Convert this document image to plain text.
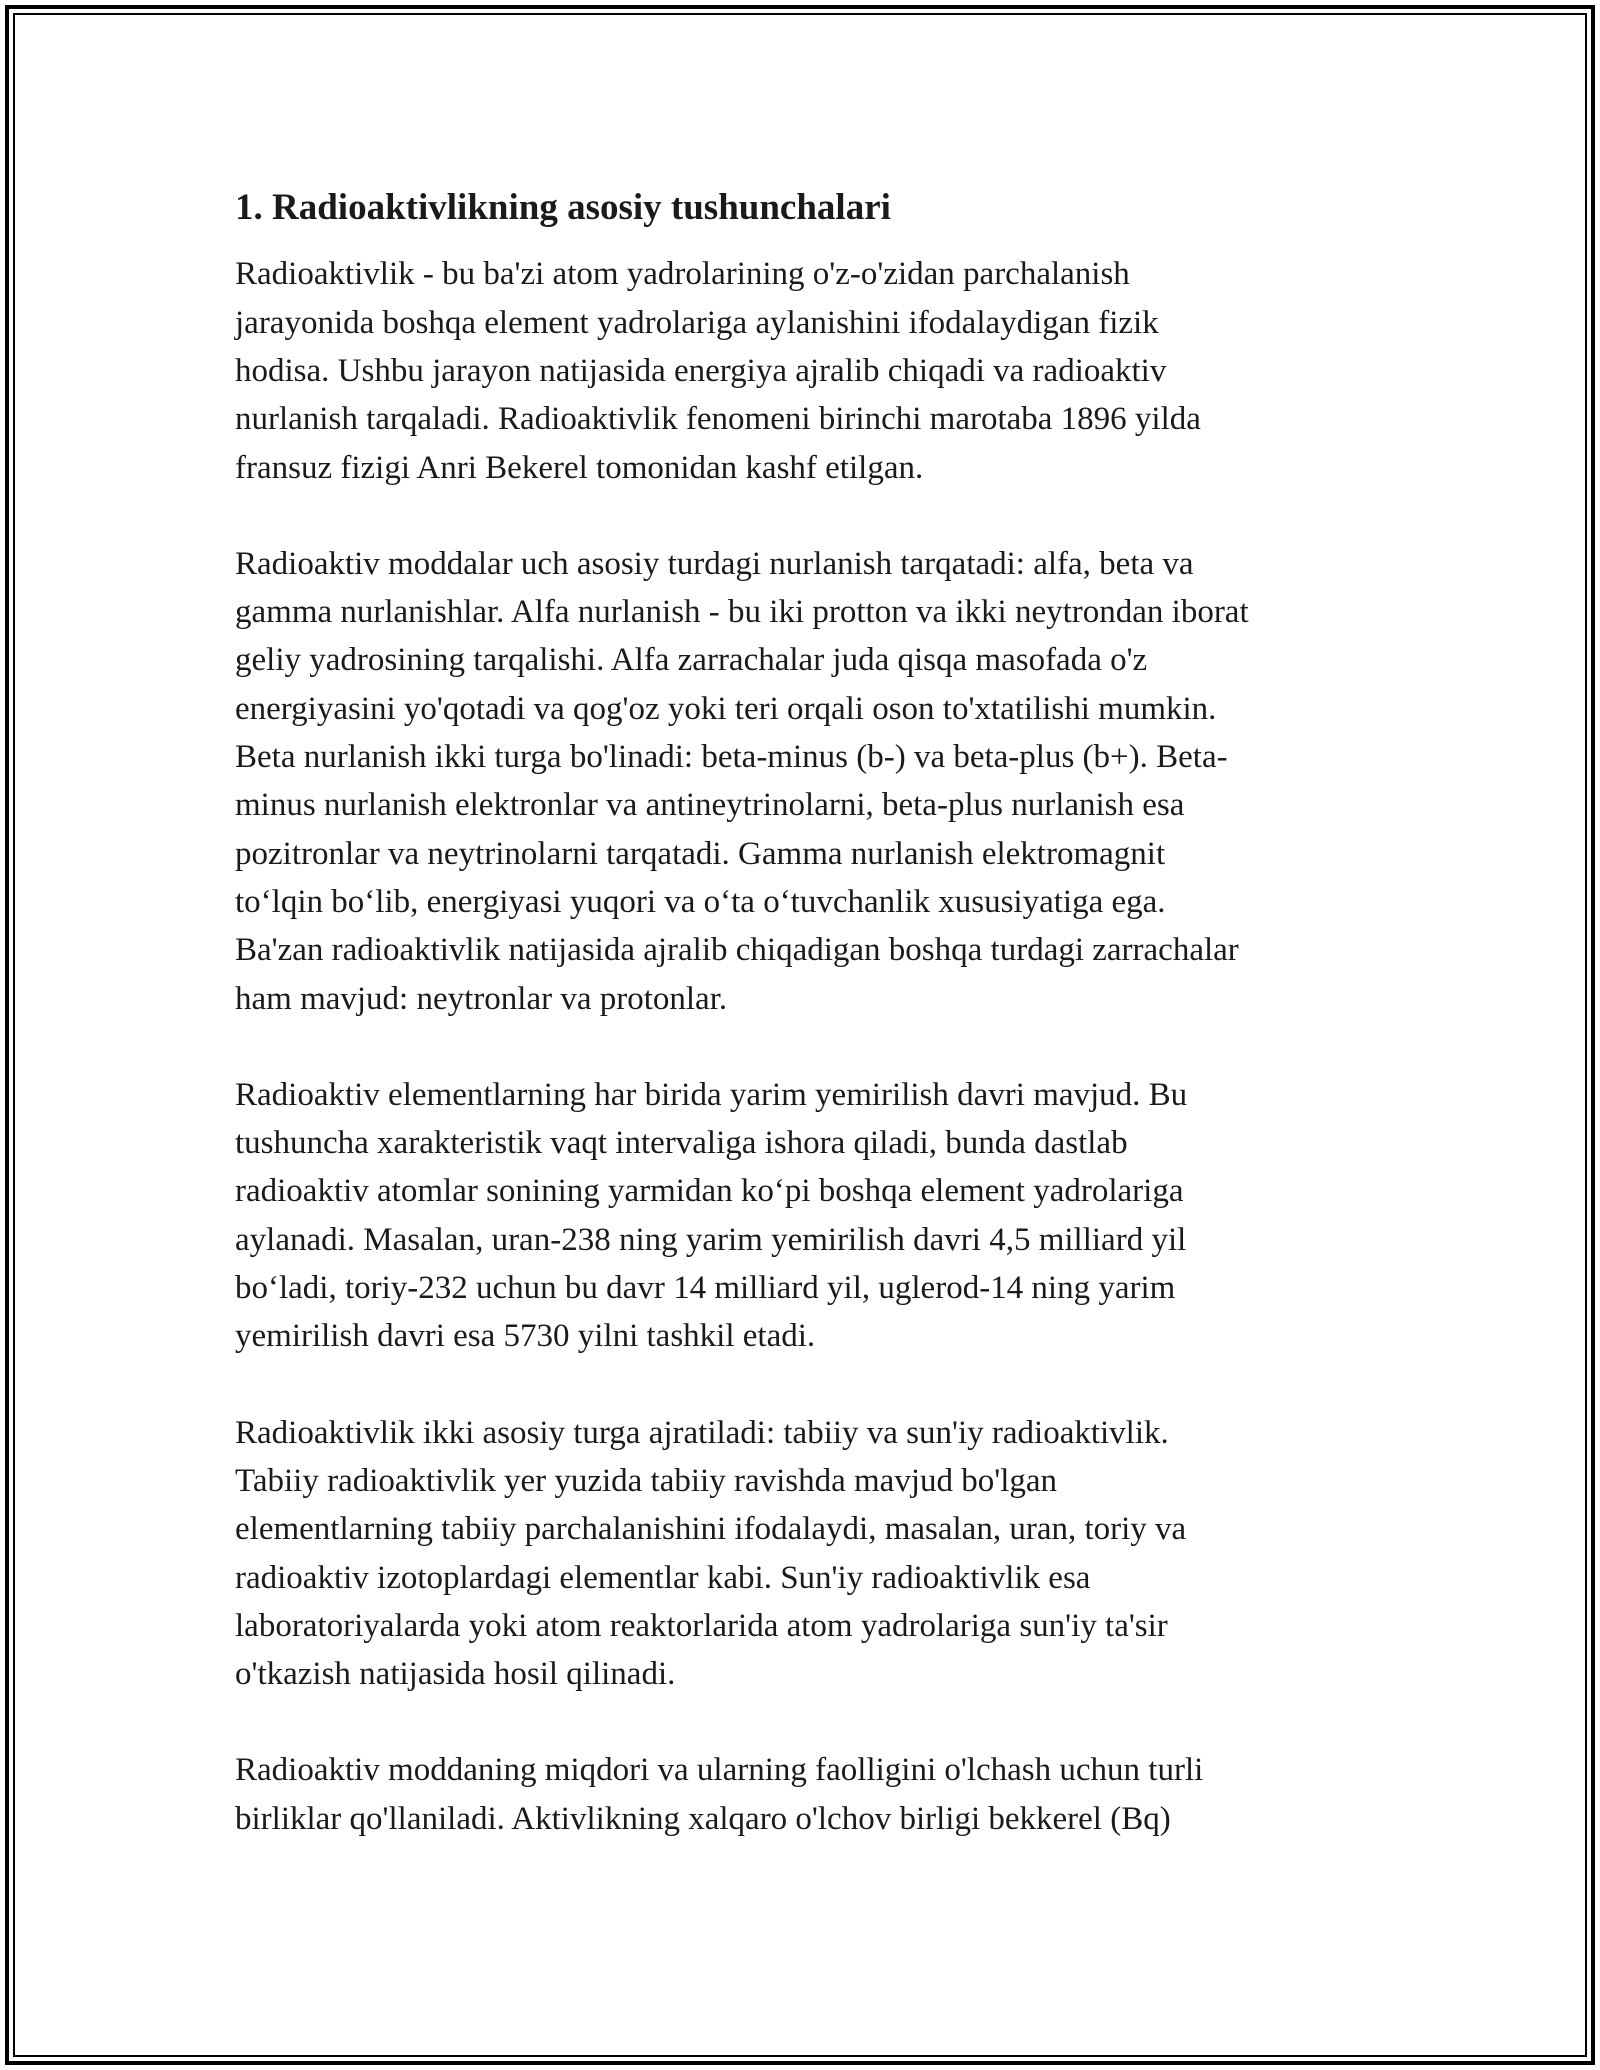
1. Radioaktivlikning asosiy tushunchalari
Radioaktivlik - bu ba'zi atom yadrolarining o'z-o'zidan parchalanish
jarayonida boshqa element yadrolariga aylanishini ifodalaydigan fizik
hodisa. Ushbu jarayon natijasida energiya ajralib chiqadi va radioaktiv
nurlanish tarqaladi. Radioaktivlik fenomeni birinchi marotaba 1896 yilda
fransuz fizigi Anri Bekerel tomonidan kashf etilgan.
Radioaktiv moddalar uch asosiy turdagi nurlanish tarqatadi: alfa, beta va
gamma nurlanishlar. Alfa nurlanish - bu iki protton va ikki neytrondan iborat
geliy yadrosining tarqalishi. Alfa zarrachalar juda qisqa masofada o'z
energiyasini yo'qotadi va qog'oz yoki teri orqali oson to'xtatilishi mumkin.
Beta nurlanish ikki turga bo'linadi: beta-minus (b-) va beta-plus (b+). Beta-
minus nurlanish elektronlar va antineytrinolarni, beta-plus nurlanish esa
pozitronlar va neytrinolarni tarqatadi. Gamma nurlanish elektromagnit
to‘lqin bo‘lib, energiyasi yuqori va o‘ta o‘tuvchanlik xususiyatiga ega.
Ba'zan radioaktivlik natijasida ajralib chiqadigan boshqa turdagi zarrachalar
ham mavjud: neytronlar va protonlar.
Radioaktiv elementlarning har birida yarim yemirilish davri mavjud. Bu
tushuncha xarakteristik vaqt intervaliga ishora qiladi, bunda dastlab
radioaktiv atomlar sonining yarmidan ko‘pi boshqa element yadrolariga
aylanadi. Masalan, uran-238 ning yarim yemirilish davri 4,5 milliard yil
bo‘ladi, toriy-232 uchun bu davr 14 milliard yil, uglerod-14 ning yarim
yemirilish davri esa 5730 yilni tashkil etadi.
Radioaktivlik ikki asosiy turga ajratiladi: tabiiy va sun'iy radioaktivlik.
Tabiiy radioaktivlik yer yuzida tabiiy ravishda mavjud bo'lgan
elementlarning tabiiy parchalanishini ifodalaydi, masalan, uran, toriy va
radioaktiv izotoplardagi elementlar kabi. Sun'iy radioaktivlik esa
laboratoriyalarda yoki atom reaktorlarida atom yadrolariga sun'iy ta'sir
o'tkazish natijasida hosil qilinadi.
Radioaktiv moddaning miqdori va ularning faolligini o'lchash uchun turli
birliklar qo'llaniladi. Aktivlikning xalqaro o'lchov birligi bekkerel (Bq)
